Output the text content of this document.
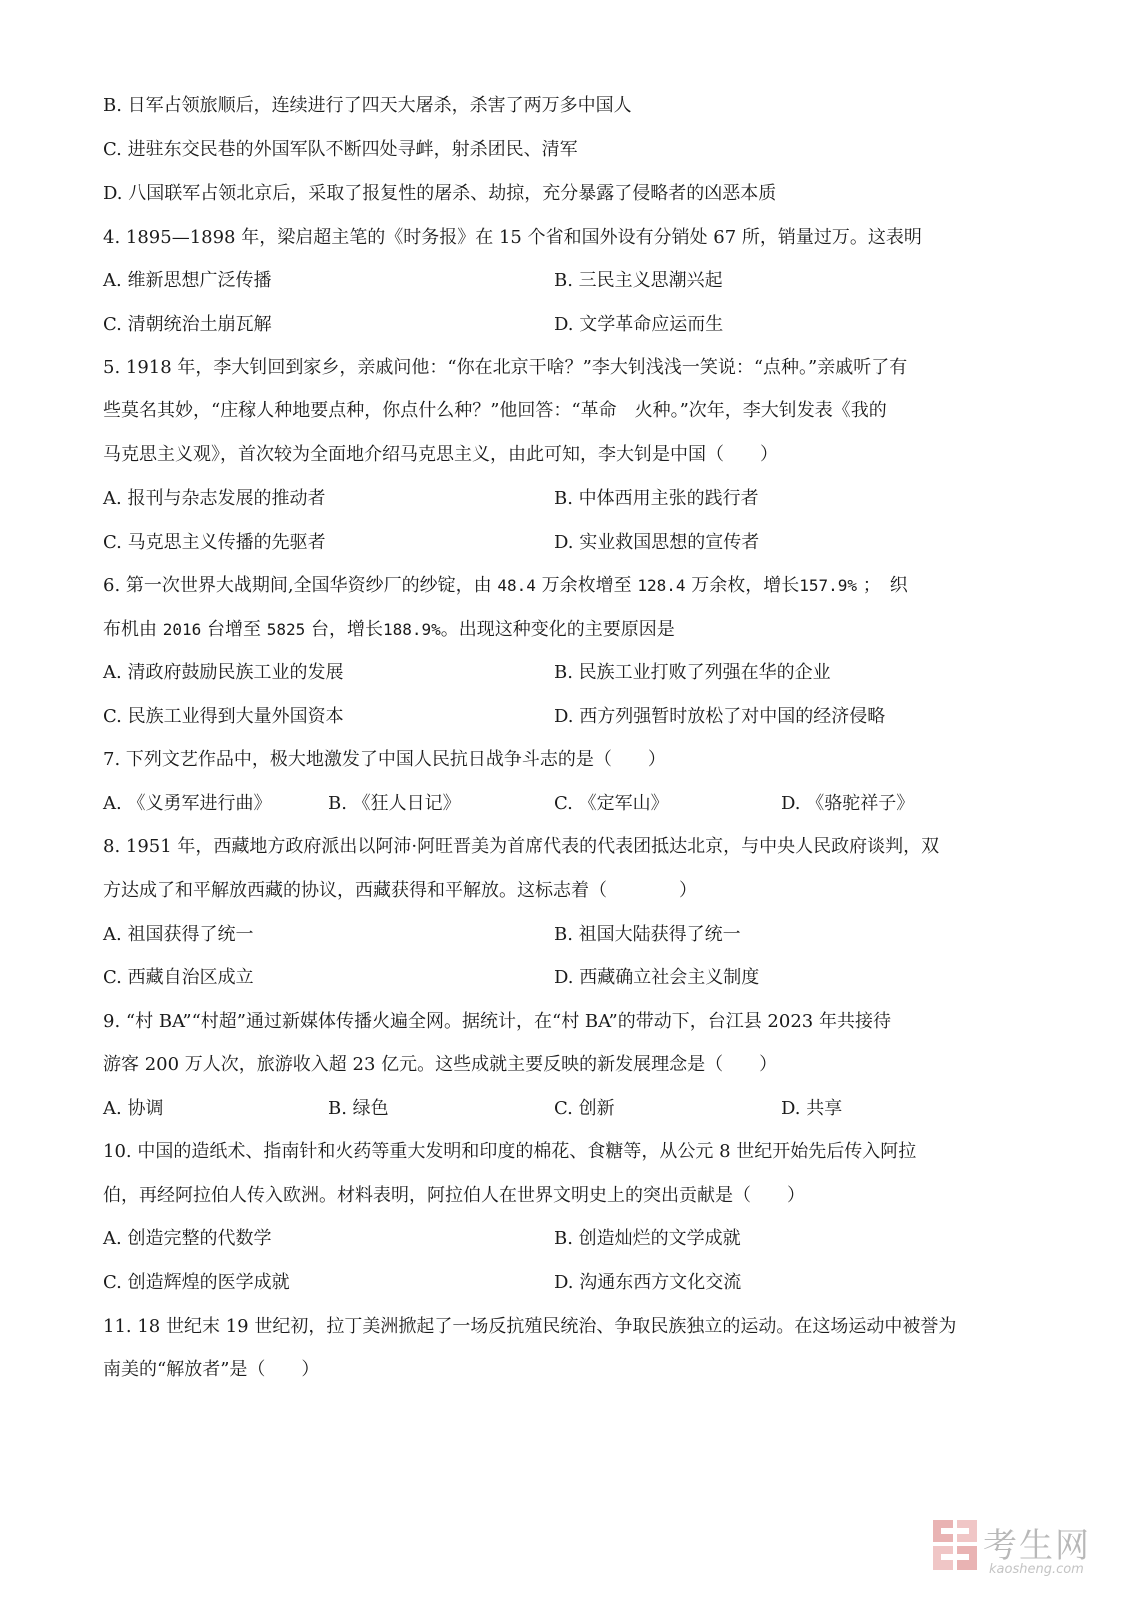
B. 日军占领旅顺后，连续进行了四天大屠杀，杀害了两万多中国人
C. 进驻东交民巷的外国军队不断四处寻衅，射杀团民、清军
D. 八国联军占领北京后，采取了报复性的屠杀、劫掠，充分暴露了侵略者的凶恶本质
4. 1895—1898 年，梁启超主笔的《时务报》在 15 个省和国外设有分销处 67 所，销量过万。这表明
A. 维新思想广泛传播	B. 三民主义思潮兴起
C. 清朝统治土崩瓦解	D. 文学革命应运而生
5. 1918 年，李大钊回到家乡，亲戚问他：“你在北京干啥？”李大钊浅浅一笑说：“点种。”亲戚听了有
些莫名其妙，“庄稼人种地要点种，你点什么种？”他回答：“革命　火种。”次年，李大钊发表《我的
马克思主义观》，首次较为全面地介绍马克思主义，由此可知，李大钊是中国（　　）
A. 报刊与杂志发展的推动者	B. 中体西用主张的践行者
C. 马克思主义传播的先驱者	D. 实业救国思想的宣传者
6. 第一次世界大战期间,全国华资纱厂的纱锭，由 48.4 万余枚增至 128.4 万余枚，增长157.9% ；　织
布机由 2016 台增至 5825 台，增长188.9%。出现这种变化的主要原因是
A. 清政府鼓励民族工业的发展	B. 民族工业打败了列强在华的企业
C. 民族工业得到大量外国资本	D. 西方列强暂时放松了对中国的经济侵略
7. 下列文艺作品中，极大地激发了中国人民抗日战争斗志的是（　　）
A. 《义勇军进行曲》	B. 《狂人日记》	C. 《定军山》	D. 《骆驼祥子》
8. 1951 年，西藏地方政府派出以阿沛·阿旺晋美为首席代表的代表团抵达北京，与中央人民政府谈判，双
方达成了和平解放西藏的协议，西藏获得和平解放。这标志着（　　　　）
A. 祖国获得了统一	B. 祖国大陆获得了统一
C. 西藏自治区成立	D. 西藏确立社会主义制度
9. “村 BA”“村超”通过新媒体传播火遍全网。据统计，在“村 BA”的带动下，台江县 2023 年共接待
游客 200 万人次，旅游收入超 23 亿元。这些成就主要反映的新发展理念是（　　）
A. 协调	B. 绿色	C. 创新	D. 共享
10. 中国的造纸术、指南针和火药等重大发明和印度的棉花、食糖等，从公元 8 世纪开始先后传入阿拉
伯，再经阿拉伯人传入欧洲。材料表明，阿拉伯人在世界文明史上的突出贡献是（　　）
A. 创造完整的代数学	B. 创造灿烂的文学成就
C. 创造辉煌的医学成就	D. 沟通东西方文化交流
11. 18 世纪末 19 世纪初，拉丁美洲掀起了一场反抗殖民统治、争取民族独立的运动。在这场运动中被誉为
南美的“解放者”是（　　）
考生网
kaosheng.com
